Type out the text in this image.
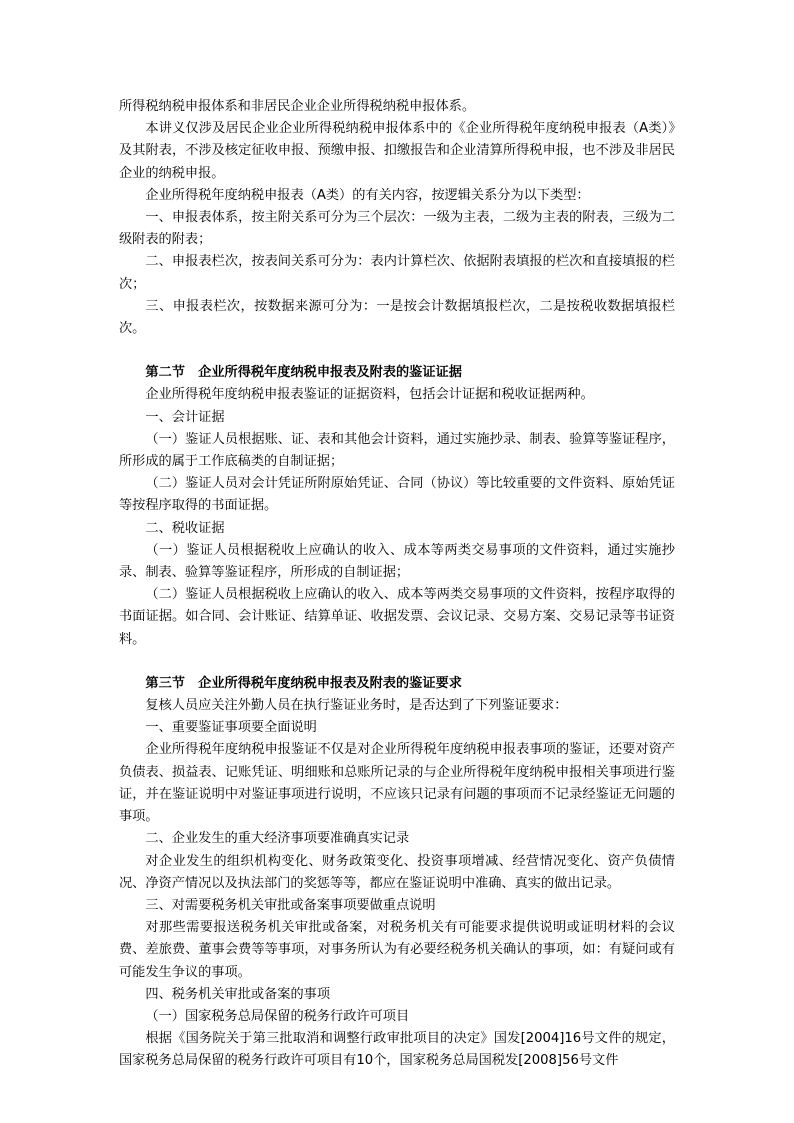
所得税纳税申报体系和非居民企业企业所得税纳税申报体系。

本讲义仅涉及居民企业企业所得税纳税申报体系中的《企业所得税年度纳税申报表（A类）》及其附表，不涉及核定征收申报、预缴申报、扣缴报告和企业清算所得税申报，也不涉及非居民企业的纳税申报。

企业所得税年度纳税申报表（A类）的有关内容，按逻辑关系分为以下类型：

一、申报表体系，按主附关系可分为三个层次：一级为主表，二级为主表的附表，三级为二级附表的附表；

二、申报表栏次，按表间关系可分为：表内计算栏次、依据附表填报的栏次和直接填报的栏次；

三、申报表栏次，按数据来源可分为：一是按会计数据填报栏次，二是按税收数据填报栏次。

第二节　企业所得税年度纳税申报表及附表的鉴证证据

企业所得税年度纳税申报表鉴证的证据资料，包括会计证据和税收证据两种。

一、会计证据

（一）鉴证人员根据账、证、表和其他会计资料，通过实施抄录、制表、验算等鉴证程序，所形成的属于工作底稿类的自制证据；

（二）鉴证人员对会计凭证所附原始凭证、合同（协议）等比较重要的文件资料、原始凭证等按程序取得的书面证据。

二、税收证据

（一）鉴证人员根据税收上应确认的收入、成本等两类交易事项的文件资料，通过实施抄录、制表、验算等鉴证程序，所形成的自制证据；

（二）鉴证人员根据税收上应确认的收入、成本等两类交易事项的文件资料，按程序取得的书面证据。如合同、会计账证、结算单证、收据发票、会议记录、交易方案、交易记录等书证资料。

第三节　企业所得税年度纳税申报表及附表的鉴证要求

复核人员应关注外勤人员在执行鉴证业务时，是否达到了下列鉴证要求：

一、重要鉴证事项要全面说明

企业所得税年度纳税申报鉴证不仅是对企业所得税年度纳税申报表事项的鉴证，还要对资产负债表、损益表、记账凭证、明细账和总账所记录的与企业所得税年度纳税申报相关事项进行鉴证，并在鉴证说明中对鉴证事项进行说明，不应该只记录有问题的事项而不记录经鉴证无问题的事项。

二、企业发生的重大经济事项要准确真实记录

对企业发生的组织机构变化、财务政策变化、投资事项增减、经营情况变化、资产负债情况、净资产情况以及执法部门的奖惩等等，都应在鉴证说明中准确、真实的做出记录。

三、对需要税务机关审批或备案事项要做重点说明

对那些需要报送税务机关审批或备案，对税务机关有可能要求提供说明或证明材料的会议费、差旅费、董事会费等等事项，对事务所认为有必要经税务机关确认的事项，如：有疑问或有可能发生争议的事项。

四、税务机关审批或备案的事项

（一）国家税务总局保留的税务行政许可项目

根据《国务院关于第三批取消和调整行政审批项目的决定》国发[2004]16号文件的规定，国家税务总局保留的税务行政许可项目有10个，国家税务总局国税发[2008]56号文件
